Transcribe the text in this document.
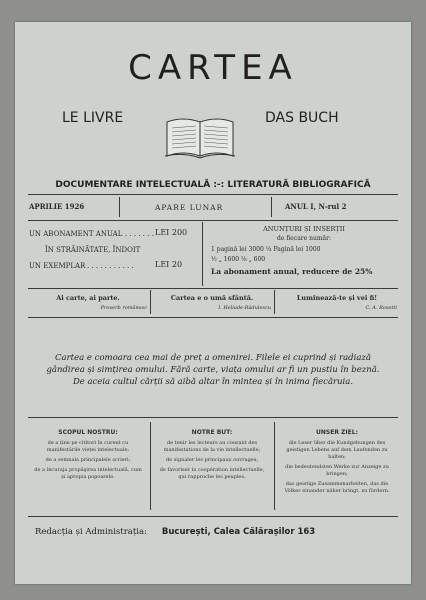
CARTEA
LE LIVRE	DAS BUCH
DOCUMENTARE INTELECTUALĂ :-: LITERATURĂ BIBLIOGRAFICĂ
APRILIE 1926	APARE LUNAR	ANUL I, N-rul 2
UN ABONAMENT ANUAL . . . . . . . LEI 200
ÎN STRĂINĂTATE, ÎNDOIT
UN EXEMPLAR . . . . . . . . . . .	LEI 20
ANUNȚURI ȘI INSERȚII
de fiecare număr:
1 pagină lei 3000 ¼ Pagină lei 1000
½ „ 1600 ⅛ „ 600
La abonament anual, reducere de 25%
Ai carte, ai parte.
Proverb românesc
Cartea e o umă sfântă.
I. Heliade-Rădulescu
Luminează-te și vei fi!
C. A. Rosetti
Cartea e comoara cea mai de preț a omenirei. Filele ei cuprind și radiază
gândirea și simțirea omului. Fără carte, viața omului ar fi un pustiu în beznă.
De aceia cultul cărții să aibă altar în mintea și în inima fiecăruia.
SCOPUL NOSTRU:
de a ține pe cititori în curent cu manifestările vieței intelectuale;
de a semnala principalele scrieri;
de a încuraja propăşirea intelectuală, cum și apropia popoarele.
NOTRE BUT:
de tenir les lecteurs au courant des manifestations de la vie intellectuelle;
de signaler les principaux ouvrages;
de favoriser la coopération intellectuelle, qui rapproche les peuples.
UNSER ZIEL:
die Leser über die Kundgebungen des geistigen Lebens auf dem Laufenden zu halten;
die bedeutendsten Werke zur Anzeige zu bringen;
das geistige Zusammenarbeiten, das die Völker einander näher bringt, zu fördern.
Redacția și Administrația: București, Calea Călărașilor 163
